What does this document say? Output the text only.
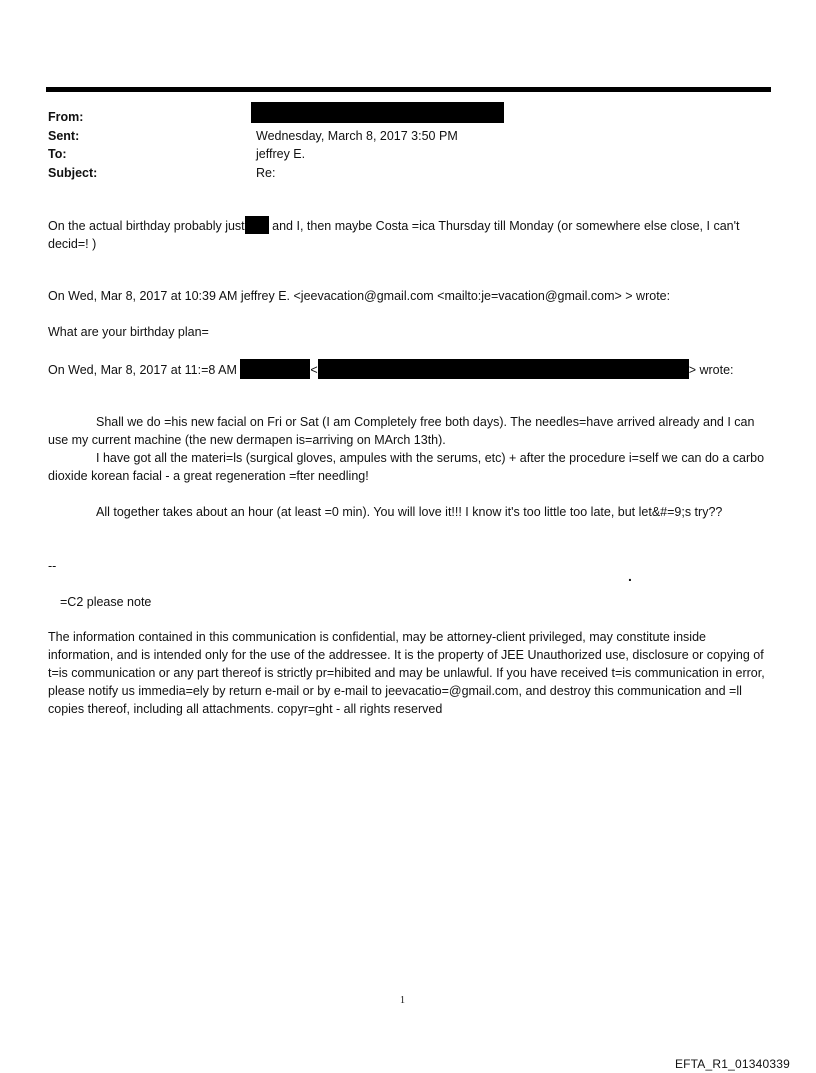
From:
Sent:	Wednesday, March 8, 2017 3:50 PM
To:	jeffrey E.
Subject:	Re:
On the actual birthday probably just and I, then maybe Costa =ica Thursday till Monday (or somewhere else close, I can't decid=! )
On Wed, Mar 8, 2017 at 10:39 AM jeffrey E. <jeevacation@gmail.com <mailto:je=vacation@gmail.com> > wrote:
What are your birthday plan=
On Wed, Mar 8, 2017 at 11:=8 AM	<	> wrote:
Shall we do =his new facial on Fri or Sat (I am Completely free both days). The needles=have arrived already and I can use my current machine (the new dermapen is=arriving on MArch 13th).
I have got all the materi=ls (surgical gloves, ampules with the serums, etc) + after the procedure i=self we can do a carbo dioxide korean facial - a great regeneration =fter needling!
All together takes about an hour (at least =0 min). You will love it!!! I know it's too little too late, but let&#=9;s try??
--
.
=C2 please note
The information contained in this communication is confidential, may be attorney-client privileged, may constitute inside information, and is intended only for the use of the addressee. It is the property of JEE Unauthorized use, disclosure or copying of t=is communication or any part thereof is strictly pr=hibited and may be unlawful. If you have received t=is communication in error, please notify us immedia=ely by return e-mail or by e-mail to jeevacatio=@gmail.com, and destroy this communication and =ll copies thereof, including all attachments. copyr=ght - all rights reserved
1
EFTA_R1_01340339
